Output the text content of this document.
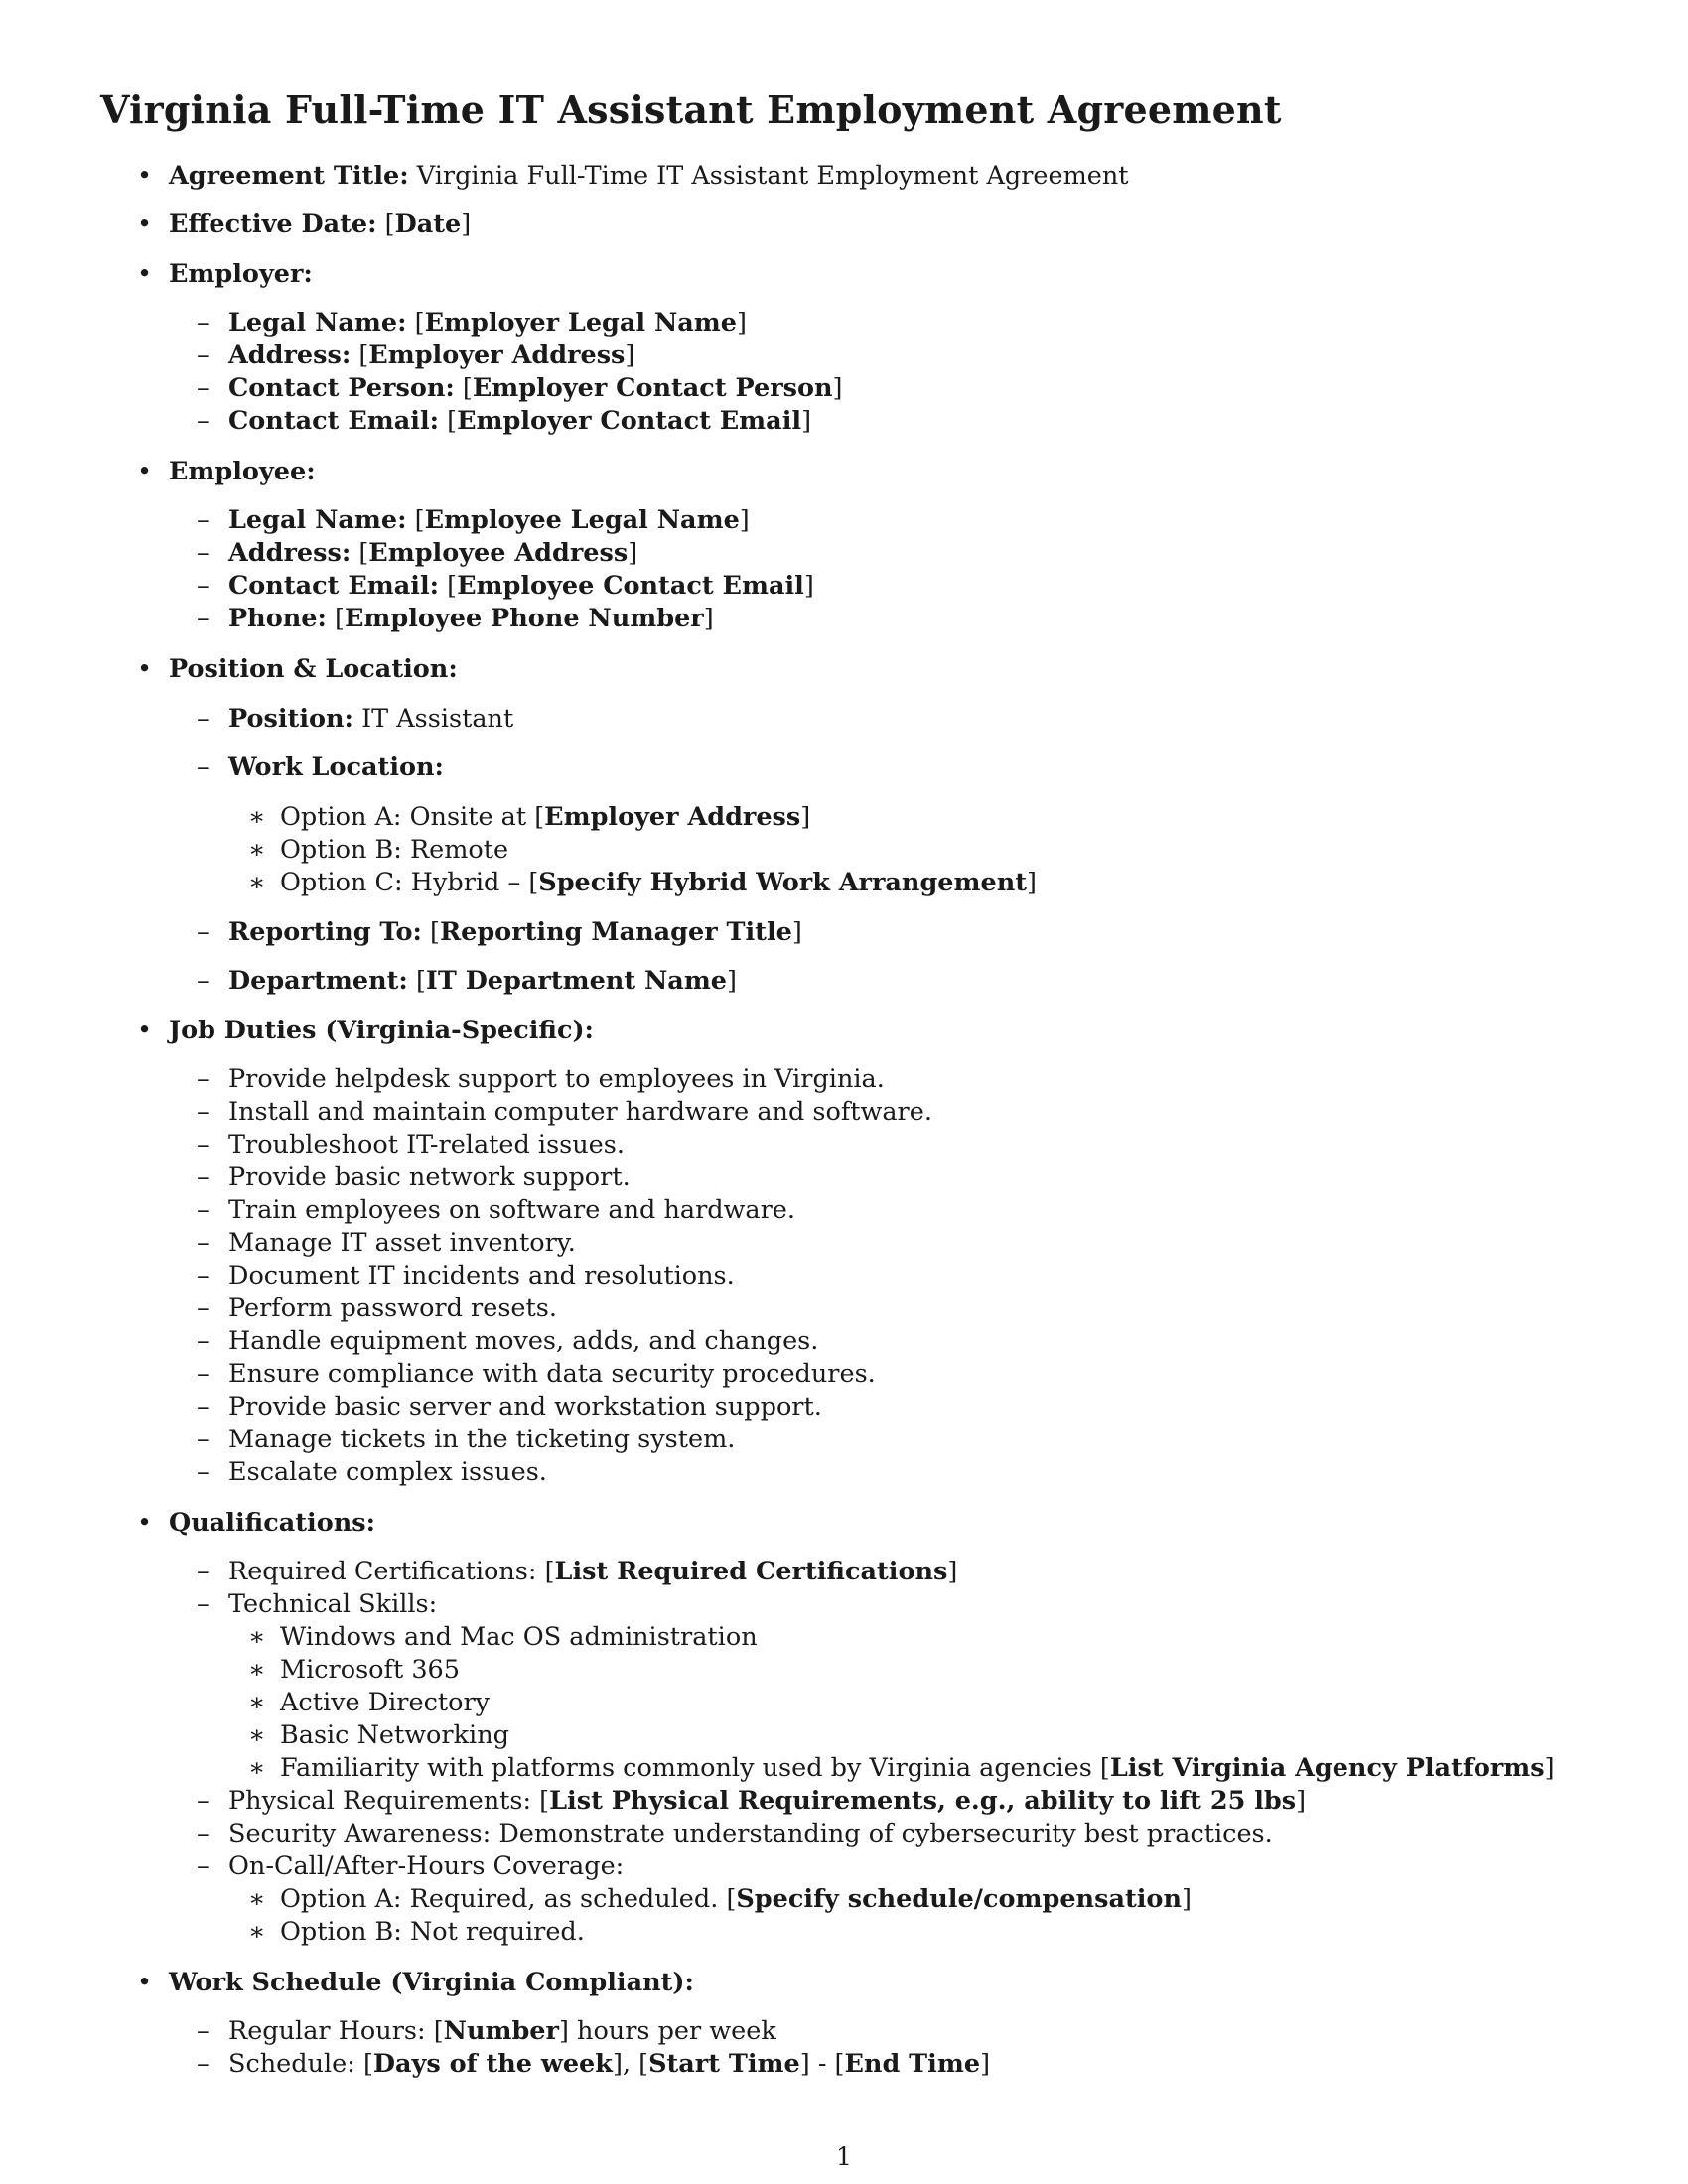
Virginia Full-Time IT Assistant Employment Agreement
• Agreement Title: Virginia Full-Time IT Assistant Employment Agreement
• Effective Date: [Date]
• Employer:
– Legal Name: [Employer Legal Name]
– Address: [Employer Address]
– Contact Person: [Employer Contact Person]
– Contact Email: [Employer Contact Email]
• Employee:
– Legal Name: [Employee Legal Name]
– Address: [Employee Address]
– Contact Email: [Employee Contact Email]
– Phone: [Employee Phone Number]
• Position & Location:
– Position: IT Assistant
– Work Location:
∗ Option A: Onsite at [Employer Address]
∗ Option B: Remote
∗ Option C: Hybrid – [Specify Hybrid Work Arrangement]
– Reporting To: [Reporting Manager Title]
– Department: [IT Department Name]
• Job Duties (Virginia-Specific):
– Provide helpdesk support to employees in Virginia.
– Install and maintain computer hardware and software.
– Troubleshoot IT-related issues.
– Provide basic network support.
– Train employees on software and hardware.
– Manage IT asset inventory.
– Document IT incidents and resolutions.
– Perform password resets.
– Handle equipment moves, adds, and changes.
– Ensure compliance with data security procedures.
– Provide basic server and workstation support.
– Manage tickets in the ticketing system.
– Escalate complex issues.
• Qualifications:
– Required Certifications: [List Required Certifications]
– Technical Skills:
∗ Windows and Mac OS administration
∗ Microsoft 365
∗ Active Directory
∗ Basic Networking
∗ Familiarity with platforms commonly used by Virginia agencies [List Virginia Agency Platforms]
– Physical Requirements: [List Physical Requirements, e.g., ability to lift 25 lbs]
– Security Awareness: Demonstrate understanding of cybersecurity best practices.
– On-Call/After-Hours Coverage:
∗ Option A: Required, as scheduled. [Specify schedule/compensation]
∗ Option B: Not required.
• Work Schedule (Virginia Compliant):
– Regular Hours: [Number] hours per week
– Schedule: [Days of the week], [Start Time] - [End Time]
1
